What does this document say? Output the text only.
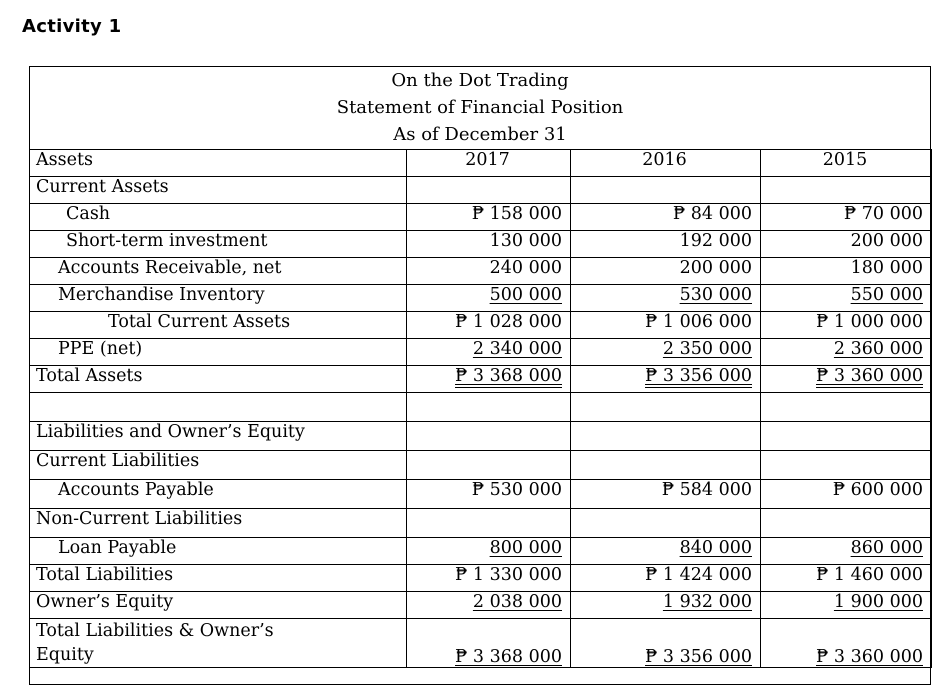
Activity 1
On the Dot Trading
Statement of Financial Position
As of December 31
Assets	2017	2016	2015
Current Assets			
Cash	₱ 158 000	₱ 84 000	₱ 70 000
Short-term investment	130 000	192 000	200 000
Accounts Receivable, net	240 000	200 000	180 000
Merchandise Inventory	500 000	530 000	550 000
Total Current Assets	₱ 1 028 000	₱ 1 006 000	₱ 1 000 000
PPE (net)	2 340 000	2 350 000	2 360 000
Total Assets	₱ 3 368 000	₱ 3 356 000	₱ 3 360 000

Liabilities and Owner’s Equity			
Current Liabilities			
Accounts Payable	₱ 530 000	₱ 584 000	₱ 600 000
Non-Current Liabilities			
Loan Payable	800 000	840 000	860 000
Total Liabilities	₱ 1 330 000	₱ 1 424 000	₱ 1 460 000
Owner’s Equity	2 038 000	1 932 000	1 900 000

Total Liabilities & Owner’s Equity	₱ 3 368 000	₱ 3 356 000	₱ 3 360 000
